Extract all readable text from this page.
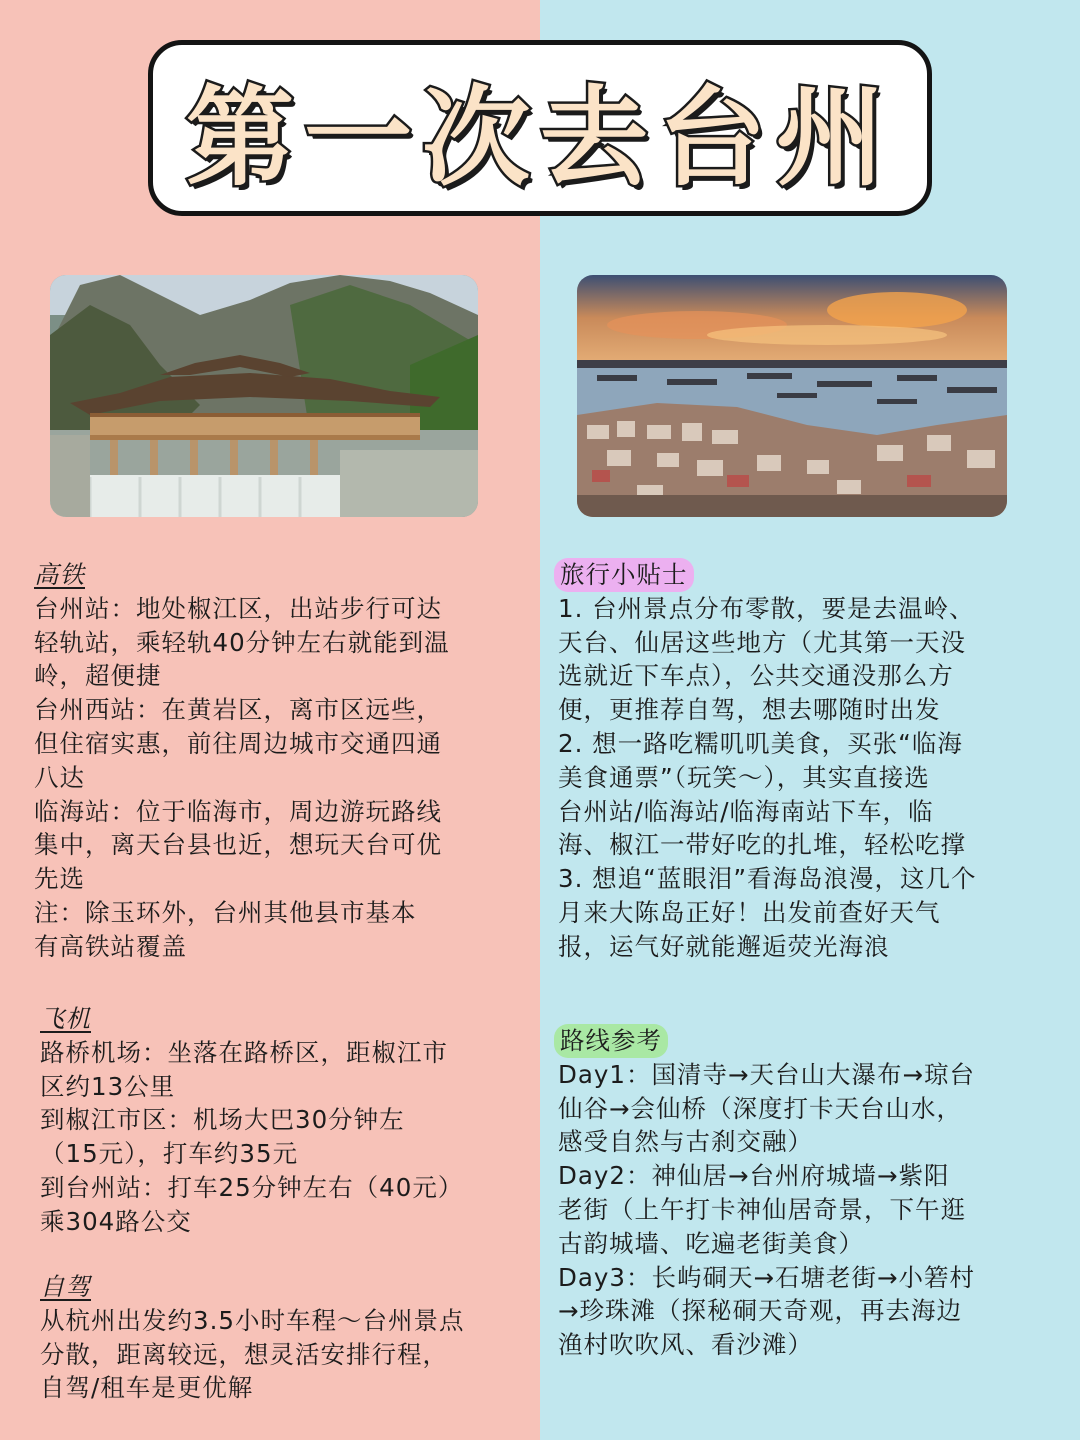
第一次去台州

高铁

台州站：地处椒江区，出站步行可达

轻轨站，乘轻轨40分钟左右就能到温

岭，超便捷

台州西站：在黄岩区，离市区远些，

但住宿实惠，前往周边城市交通四通

八达

临海站：位于临海市，周边游玩路线

集中，离天台县也近，想玩天台可优

先选

注：除玉环外，台州其他县市基本

有高铁站覆盖

飞机

路桥机场：坐落在路桥区，距椒江市

区约13公里

到椒江市区：机场大巴30分钟左

（15元），打车约35元

到台州站：打车25分钟左右（40元）

乘304路公交

自驾

从杭州出发约3.5小时车程～台州景点

分散，距离较远，想灵活安排行程，

自驾/租车是更优解

旅行小贴士

1. 台州景点分布零散，要是去温岭、

天台、仙居这些地方（尤其第一天没

选就近下车点），公共交通没那么方

便，更推荐自驾，想去哪随时出发

2. 想一路吃糯叽叽美食，买张“临海

美食通票”（玩笑～），其实直接选

台州站/临海站/临海南站下车，临

海、椒江一带好吃的扎堆，轻松吃撑

3. 想追“蓝眼泪”看海岛浪漫，这几个

月来大陈岛正好！出发前查好天气

报，运气好就能邂逅荧光海浪

路线参考

Day1：国清寺→天台山大瀑布→琼台

仙谷→会仙桥（深度打卡天台山水，

感受自然与古刹交融）

Day2：神仙居→台州府城墙→紫阳

老街（上午打卡神仙居奇景，下午逛

古韵城墙、吃遍老街美食）

Day3：长屿硐天→石塘老街→小箬村

→珍珠滩（探秘硐天奇观，再去海边

渔村吹吹风、看沙滩）
